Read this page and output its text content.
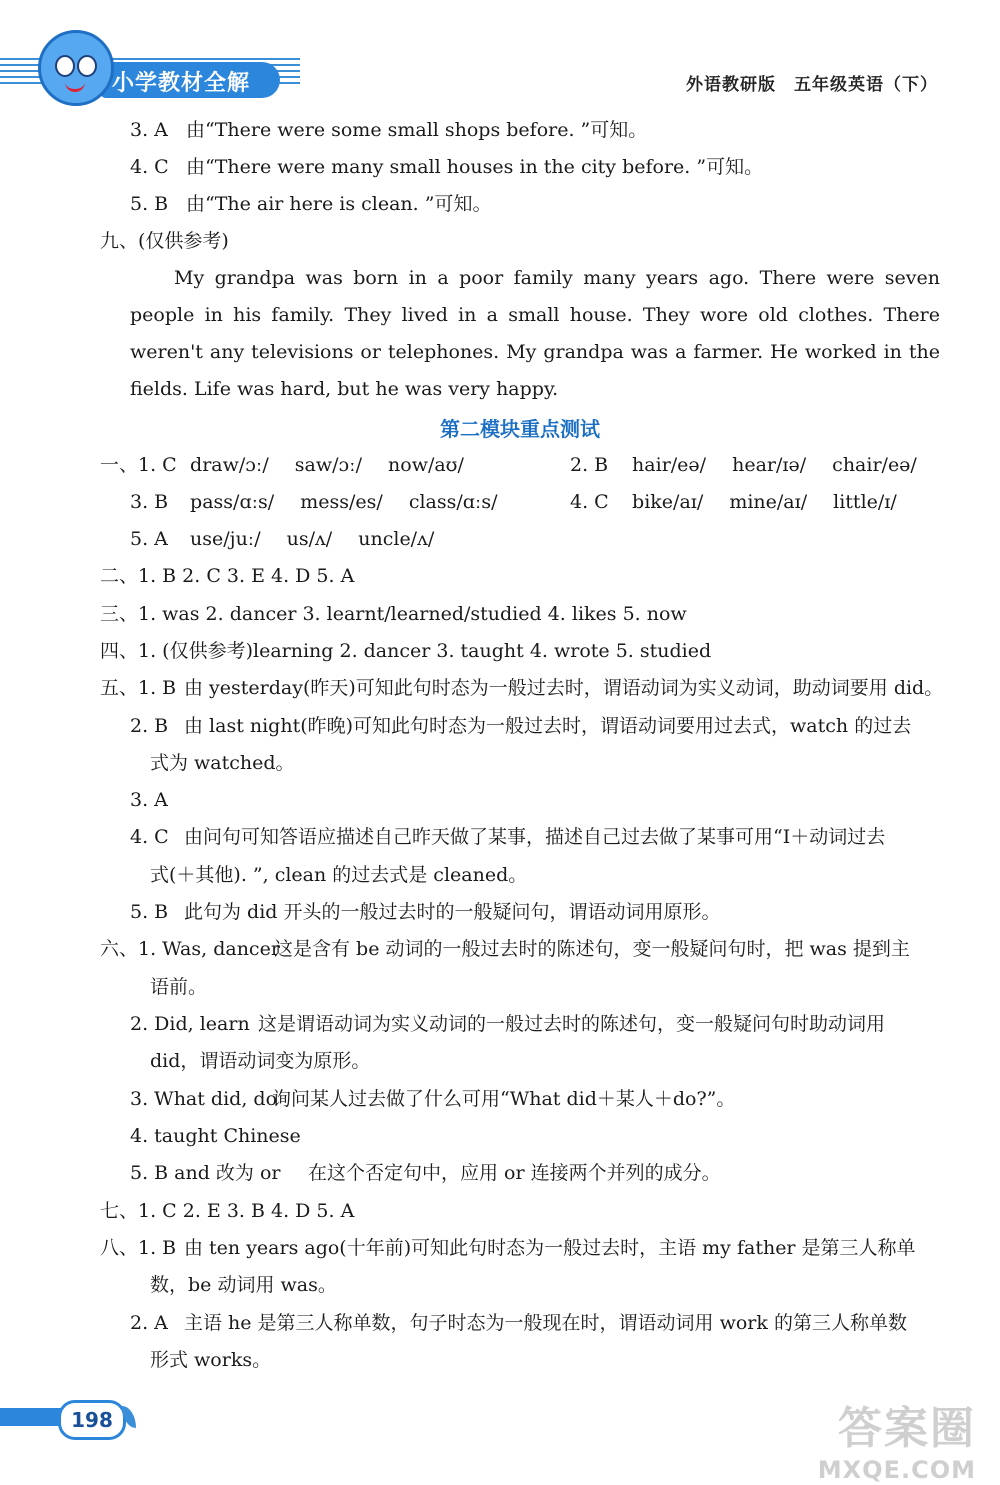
小学教材全解	外语教研版 五年级英语（下）
3. A 由“There were some small shops before. ”可知。
4. C 由“There were many small houses in the city before. ”可知。
5. B 由“The air here is clean. ”可知。
九、(仅供参考)
My grandpa was born in a poor family many years ago. There were seven people in his family. They lived in a small house. They wore old clothes. There weren't any televisions or telephones. My grandpa was a farmer. He worked in the fields. Life was hard, but he was very happy.
第二模块重点测试
一、1. C draw/ɔː/ saw/ɔː/ now/aʊ/	2. B hair/eə/ hear/ɪə/ chair/eə/
3. B pass/ɑːs/ mess/es/ class/ɑːs/	4. C bike/aɪ/ mine/aɪ/ little/ɪ/
5. A use/juː/ us/ʌ/ uncle/ʌ/
二、1. B 2. C 3. E 4. D 5. A
三、1. was 2. dancer 3. learnt/learned/studied 4. likes 5. now
四、1. (仅供参考)learning 2. dancer 3. taught 4. wrote 5. studied
五、1. B 由 yesterday(昨天)可知此句时态为一般过去时，谓语动词为实义动词，助动词要用 did。
2. B 由 last night(昨晚)可知此句时态为一般过去时，谓语动词要用过去式，watch 的过去
式为 watched。
3. A
4. C 由问句可知答语应描述自己昨天做了某事，描述自己过去做了某事可用“I＋动词过去
式(＋其他). ”, clean 的过去式是 cleaned。
5. B 此句为 did 开头的一般过去时的一般疑问句，谓语动词用原形。
六、1. Was, dancer这是含有 be 动词的一般过去时的陈述句，变一般疑问句时，把 was 提到主
语前。
2. Did, learn 这是谓语动词为实义动词的一般过去时的陈述句，变一般疑问句时助动词用
did，谓语动词变为原形。
3. What did, do询问某人过去做了什么可用“What did＋某人＋do?”。
4. taught Chinese
5. B and 改为 or 在这个否定句中，应用 or 连接两个并列的成分。
七、1. C 2. E 3. B 4. D 5. A
八、1. B 由 ten years ago(十年前)可知此句时态为一般过去时，主语 my father 是第三人称单
数，be 动词用 was。
2. A 主语 he 是第三人称单数，句子时态为一般现在时，谓语动词用 work 的第三人称单数
形式 works。
198	答案圈
MXQE.COM
